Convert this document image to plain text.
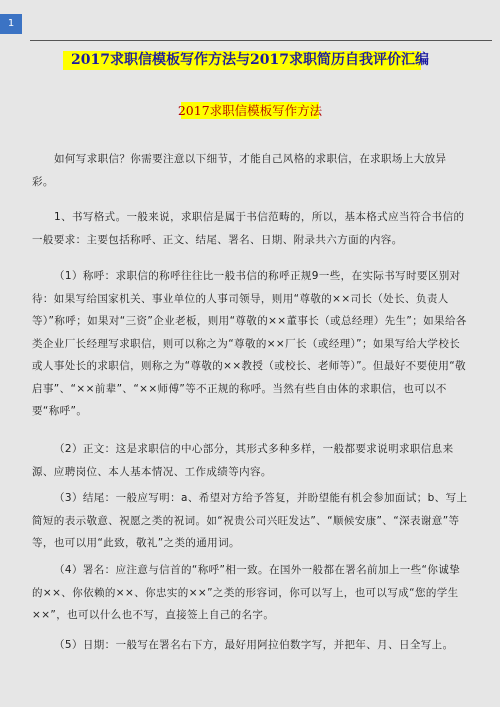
1
2017求职信模板写作方法与2017求职简历自我评价汇编
2017求职信模板写作方法
如何写求职信？你需要注意以下细节，才能自己风格的求职信，在求职场上大放异彩。
1、书写格式。一般来说，求职信是属于书信范畴的，所以，基本格式应当符合书信的一般要求：主要包括称呼、正文、结尾、署名、日期、附录共六方面的内容。
（1）称呼：求职信的称呼往往比一般书信的称呼正规9一些，在实际书写时要区别对待：如果写给国家机关、事业单位的人事司领导，则用“尊敬的××司长（处长、负责人等）”称呼；如果对“三资”企业老板，则用“尊敬的××董事长（或总经理）先生”；如果给各类企业厂长经理写求职信，则可以称之为“尊敬的××厂长（或经理）”；如果写给大学校长或人事处长的求职信，则称之为“尊敬的××教授（或校长、老师等）”。但最好不要使用“敬启事”、“××前辈”、“××师傅”等不正规的称呼。当然有些自由体的求职信，也可以不要“称呼”。
（2）正文：这是求职信的中心部分，其形式多种多样，一般都要求说明求职信息来源、应聘岗位、本人基本情况、工作成绩等内容。
（3）结尾：一般应写明：a、希望对方给予答复，并盼望能有机会参加面试；b、写上简短的表示敬意、祝愿之类的祝词。如“祝贵公司兴旺发达”、“顺候安康”、“深表谢意”等等，也可以用“此致，敬礼”之类的通用词。
（4）署名：应注意与信首的“称呼”相一致。在国外一般都在署名前加上一些“你诚挚的××、你依赖的××、你忠实的××”之类的形容词，你可以写上，也可以写成“您的学生××”，也可以什么也不写，直接签上自己的名字。
（5）日期：一般写在署名右下方，最好用阿拉伯数字写，并把年、月、日全写上。
